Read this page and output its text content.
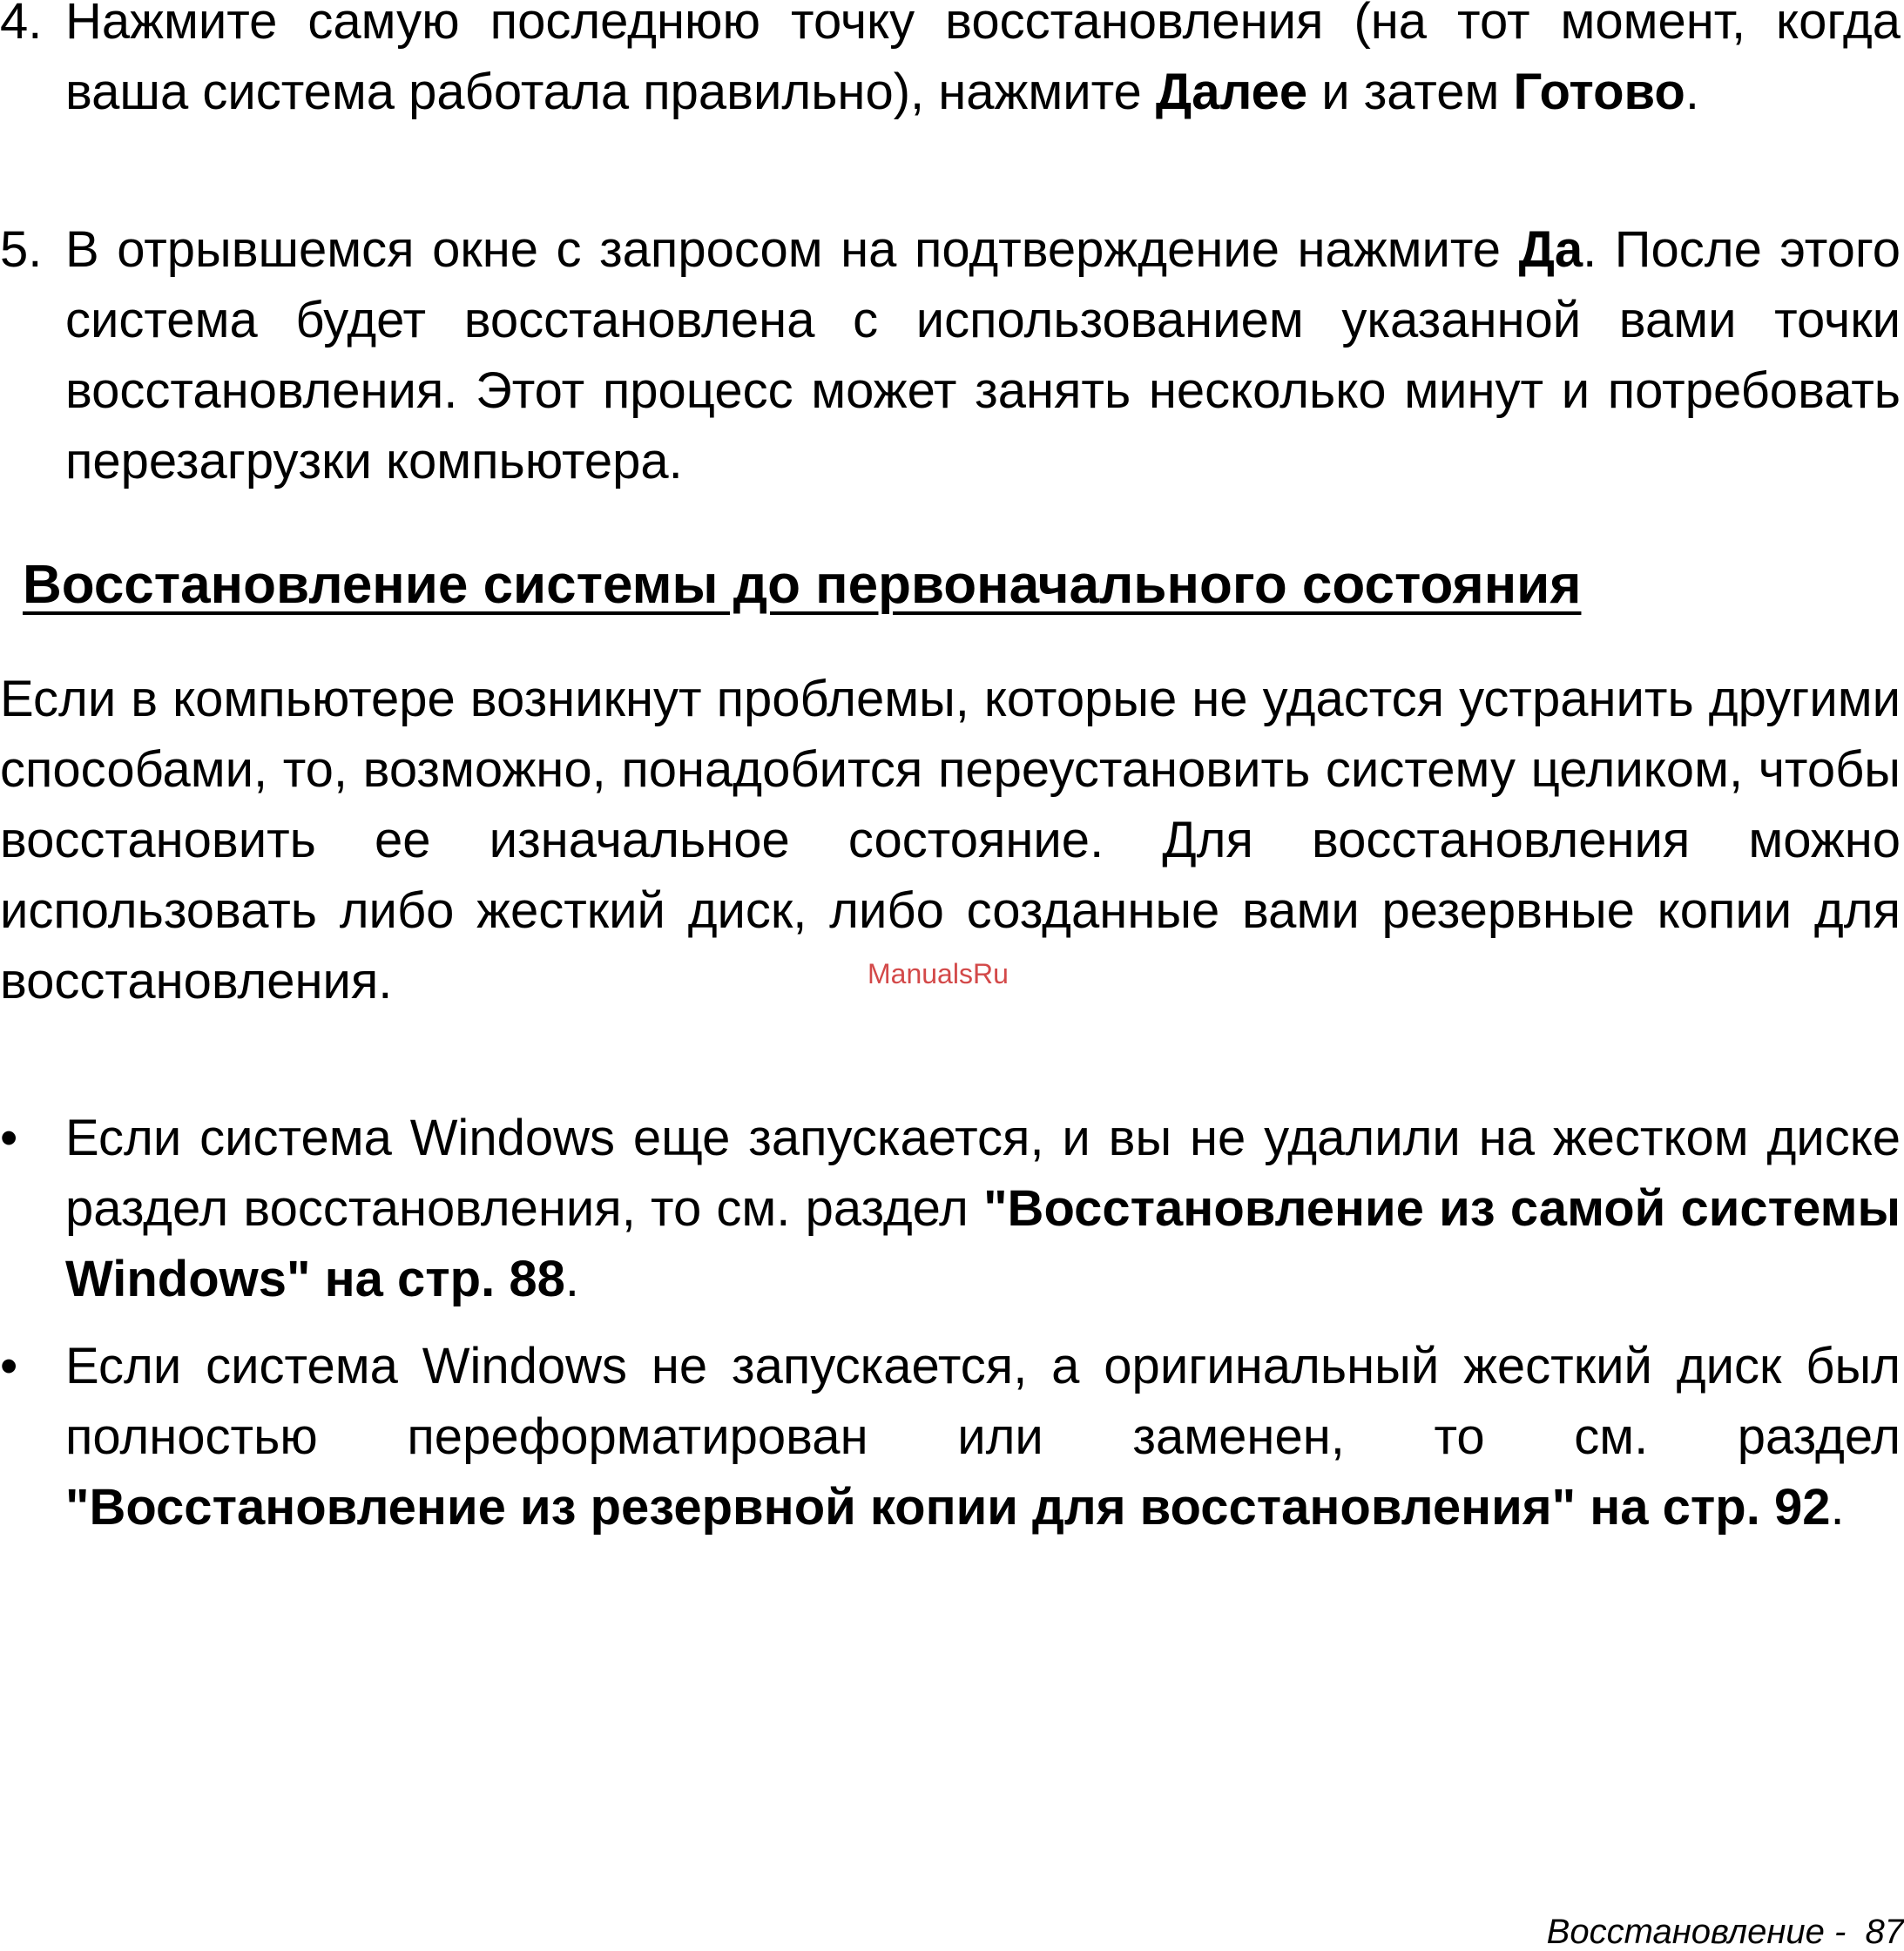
4. Нажмите самую последнюю точку восстановления (на тот момент, когда ваша система работала правильно), нажмите Далее и затем Готово.
5. В отрывшемся окне с запросом на подтверждение нажмите Да. После этого система будет восстановлена с использованием указанной вами точки восстановления. Этот процесс может занять несколько минут и потребовать перезагрузки компьютера.
Восстановление системы до первоначального состояния
Если в компьютере возникнут проблемы, которые не удастся устранить другими способами, то, возможно, понадобится переустановить систему целиком, чтобы восстановить ее изначальное состояние. Для восстановления можно использовать либо жесткий диск, либо созданные вами резервные копии для восстановления.	ManualsRu
• Если система Windows еще запускается, и вы не удалили на жестком диске раздел восстановления, то см. раздел "Восстановление из самой системы Windows" на стр. 88.
• Если система Windows не запускается, а оригинальный жесткий диск был полностью переформатирован или заменен, то см. раздел "Восстановление из резервной копии для восстановления" на стр. 92.
Восстановление -  87
